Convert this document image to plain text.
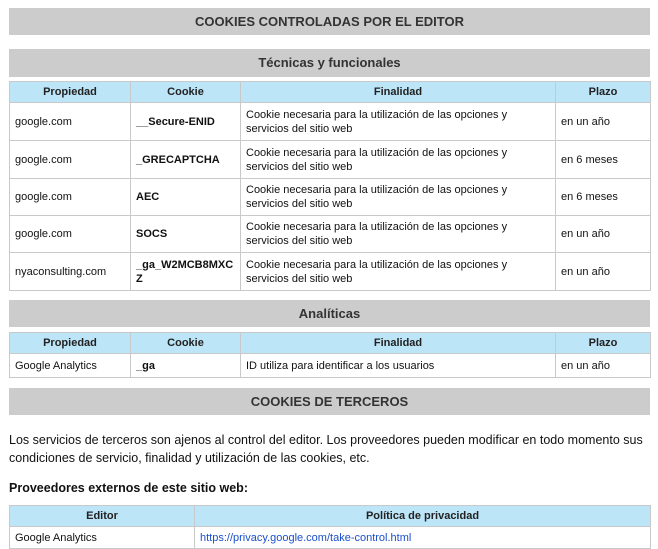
COOKIES CONTROLADAS POR EL EDITOR
Técnicas y funcionales
Propiedad	Cookie	Finalidad	Plazo
google.com	__Secure-ENID	Cookie necesaria para la utilización de las opciones y servicios del sitio web	en un año
google.com	_GRECAPTCHA	Cookie necesaria para la utilización de las opciones y servicios del sitio web	en 6 meses
google.com	AEC	Cookie necesaria para la utilización de las opciones y servicios del sitio web	en 6 meses
google.com	SOCS	Cookie necesaria para la utilización de las opciones y servicios del sitio web	en un año
nyaconsulting.com	_ga_W2MCB8MXCZ	Cookie necesaria para la utilización de las opciones y servicios del sitio web	en un año
Analíticas
Propiedad	Cookie	Finalidad	Plazo
Google Analytics	_ga	ID utiliza para identificar a los usuarios	en un año
COOKIES DE TERCEROS
Los servicios de terceros son ajenos al control del editor. Los proveedores pueden modificar en todo momento sus condiciones de servicio, finalidad y utilización de las cookies, etc.
Proveedores externos de este sitio web:
Editor	Política de privacidad
Google Analytics	https://privacy.google.com/take-control.html
